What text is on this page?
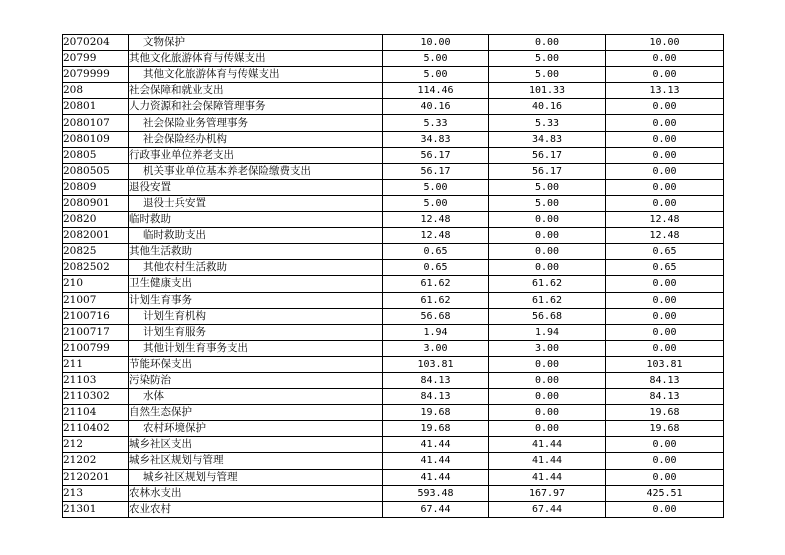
2070204	文物保护	10.00	0.00	10.00
20799	其他文化旅游体育与传媒支出	5.00	5.00	0.00
2079999	其他文化旅游体育与传媒支出	5.00	5.00	0.00
208	社会保障和就业支出	114.46	101.33	13.13
20801	人力资源和社会保障管理事务	40.16	40.16	0.00
2080107	社会保险业务管理事务	5.33	5.33	0.00
2080109	社会保险经办机构	34.83	34.83	0.00
20805	行政事业单位养老支出	56.17	56.17	0.00
2080505	机关事业单位基本养老保险缴费支出	56.17	56.17	0.00
20809	退役安置	5.00	5.00	0.00
2080901	退役士兵安置	5.00	5.00	0.00
20820	临时救助	12.48	0.00	12.48
2082001	临时救助支出	12.48	0.00	12.48
20825	其他生活救助	0.65	0.00	0.65
2082502	其他农村生活救助	0.65	0.00	0.65
210	卫生健康支出	61.62	61.62	0.00
21007	计划生育事务	61.62	61.62	0.00
2100716	计划生育机构	56.68	56.68	0.00
2100717	计划生育服务	1.94	1.94	0.00
2100799	其他计划生育事务支出	3.00	3.00	0.00
211	节能环保支出	103.81	0.00	103.81
21103	污染防治	84.13	0.00	84.13
2110302	水体	84.13	0.00	84.13
21104	自然生态保护	19.68	0.00	19.68
2110402	农村环境保护	19.68	0.00	19.68
212	城乡社区支出	41.44	41.44	0.00
21202	城乡社区规划与管理	41.44	41.44	0.00
2120201	城乡社区规划与管理	41.44	41.44	0.00
213	农林水支出	593.48	167.97	425.51
21301	农业农村	67.44	67.44	0.00
